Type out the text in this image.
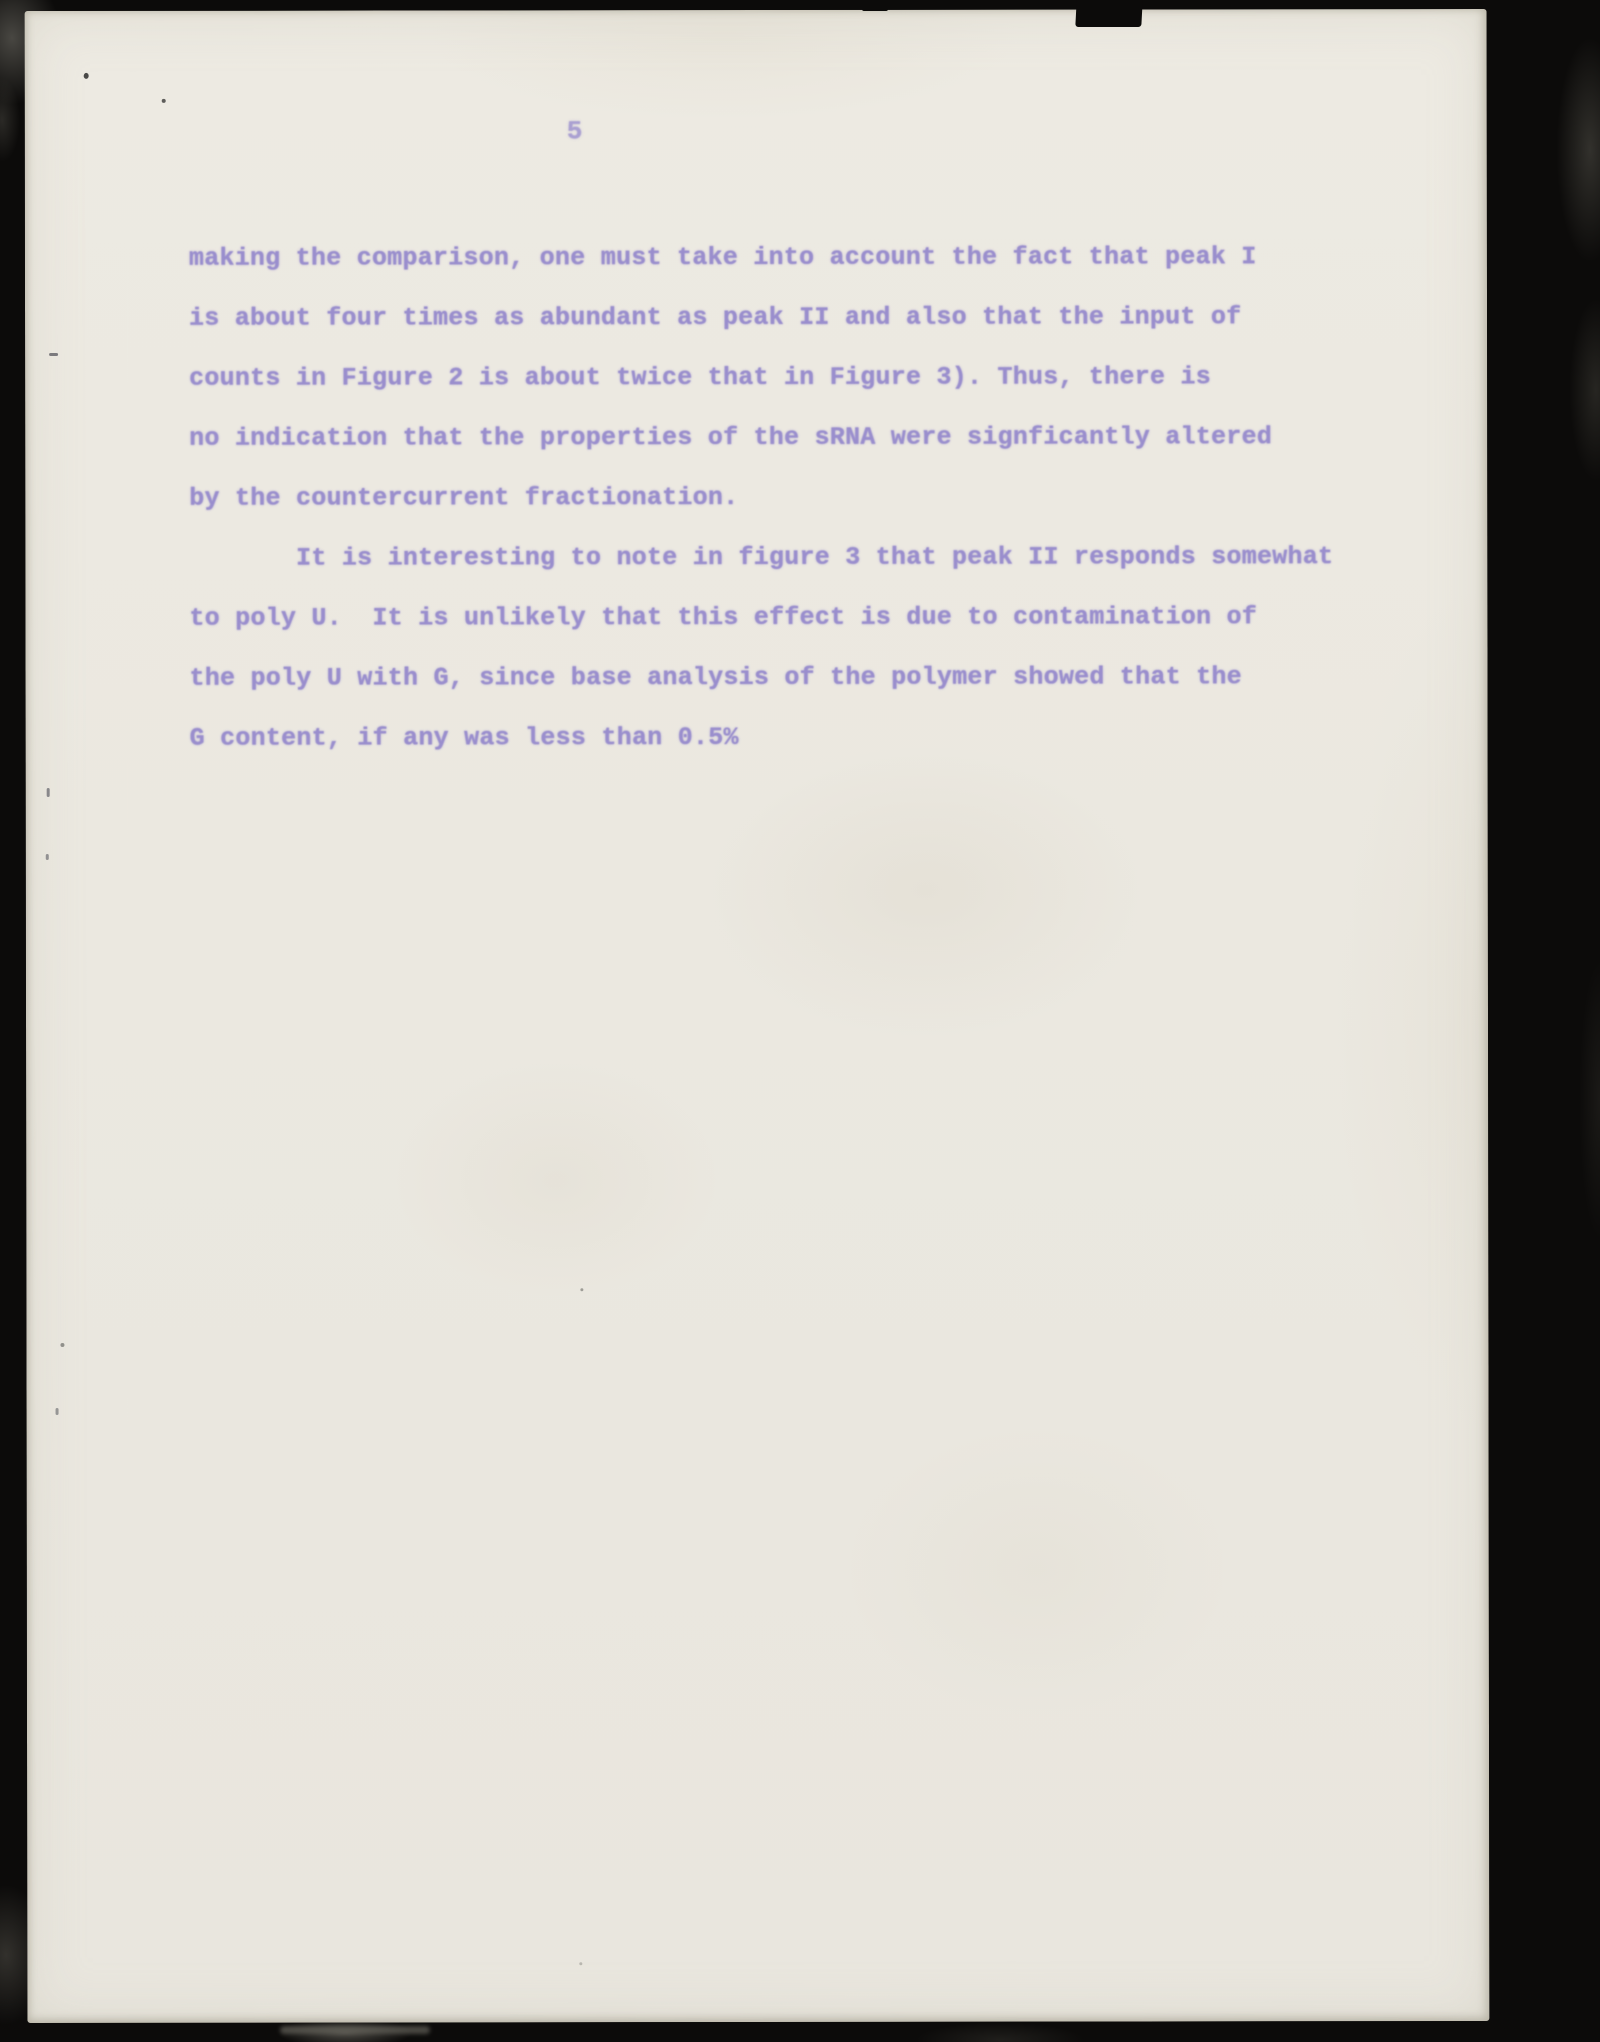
5
making the comparison, one must take into account the fact that peak I
is about four times as abundant as peak II and also that the input of
counts in Figure 2 is about twice that in Figure 3). Thus, there is
no indication that the properties of the sRNA were signficantly altered
by the countercurrent fractionation.
It is interesting to note in figure 3 that peak II responds somewhat
to poly U.  It is unlikely that this effect is due to contamination of
the poly U with G, since base analysis of the polymer showed that the
G content, if any was less than 0.5%
